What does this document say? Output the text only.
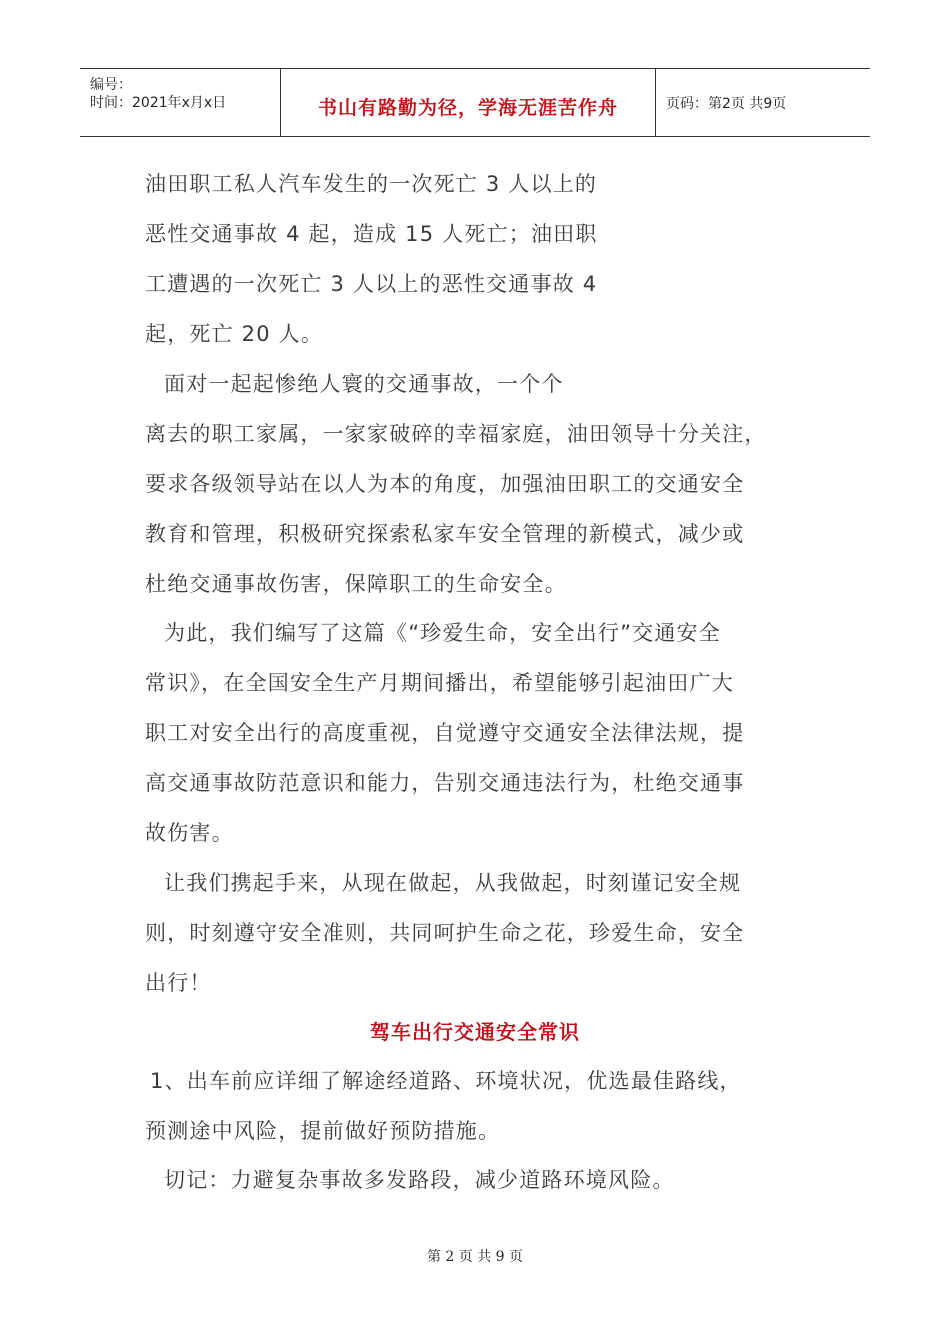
编号：
时间：2021年x月x日	书山有路勤为径，学海无涯苦作舟	页码：第2页 共9页
油田职工私人汽车发生的一次死亡 3 人以上的
恶性交通事故 4 起，造成 15 人死亡；油田职
工遭遇的一次死亡 3 人以上的恶性交通事故 4
起，死亡 20 人。
面对一起起惨绝人寰的交通事故，一个个
离去的职工家属，一家家破碎的幸福家庭，油田领导十分关注，
要求各级领导站在以人为本的角度，加强油田职工的交通安全
教育和管理，积极研究探索私家车安全管理的新模式，减少或
杜绝交通事故伤害，保障职工的生命安全。
为此，我们编写了这篇《“珍爱生命，安全出行”交通安全
常识》，在全国安全生产月期间播出，希望能够引起油田广大
职工对安全出行的高度重视，自觉遵守交通安全法律法规，提
高交通事故防范意识和能力，告别交通违法行为，杜绝交通事
故伤害。
让我们携起手来，从现在做起，从我做起，时刻谨记安全规
则，时刻遵守安全准则，共同呵护生命之花，珍爱生命，安全
出行！
驾车出行交通安全常识
1、出车前应详细了解途经道路、环境状况，优选最佳路线，
预测途中风险，提前做好预防措施。
切记：力避复杂事故多发路段，减少道路环境风险。
第 2 页 共 9 页
